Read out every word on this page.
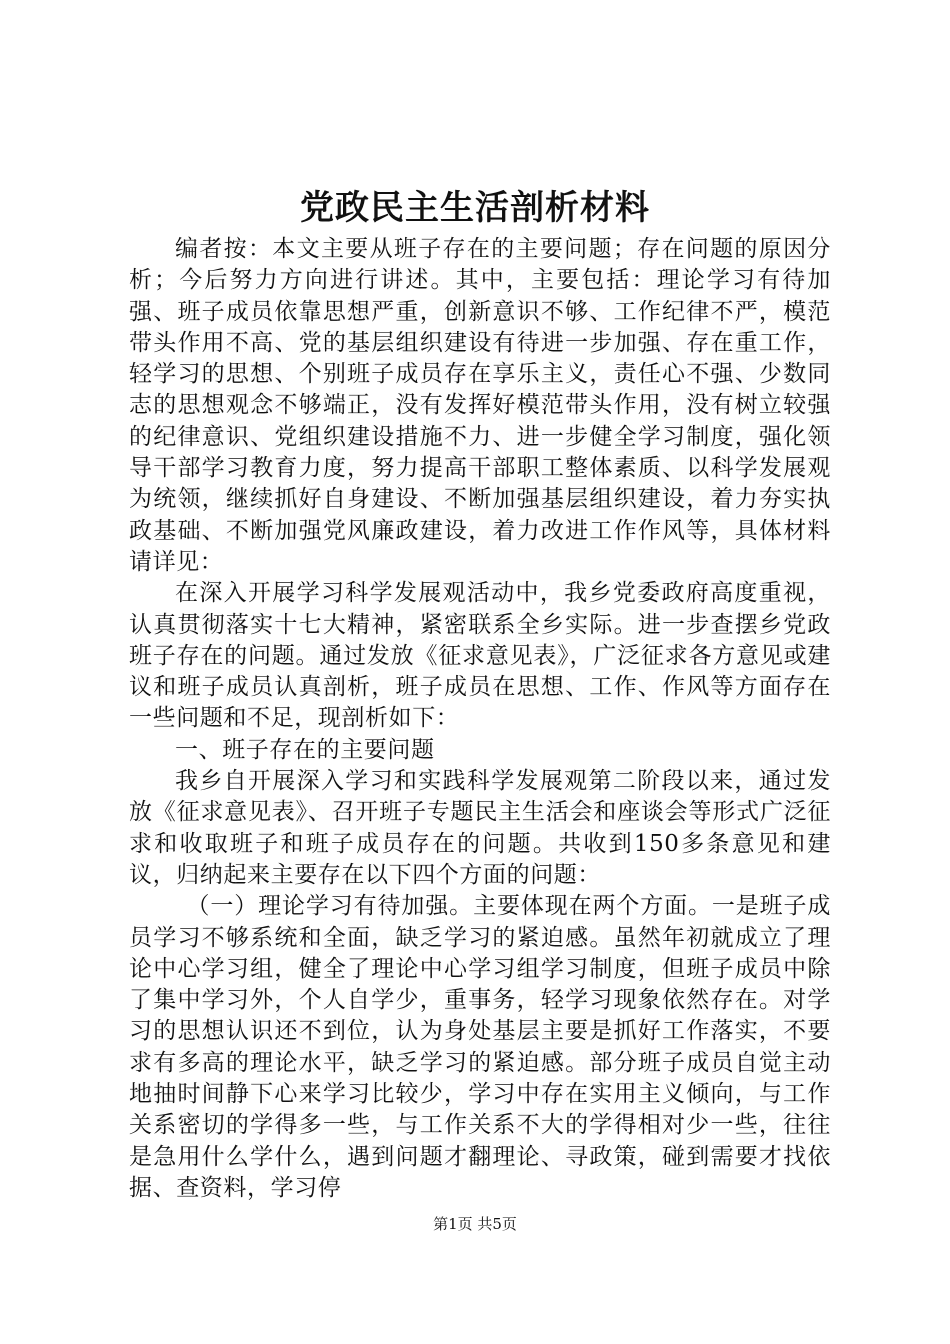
党政民主生活剖析材料

编者按：本文主要从班子存在的主要问题；存在问题的原因分析；今后努力方向进行讲述。其中，主要包括：理论学习有待加强、班子成员依靠思想严重，创新意识不够、工作纪律不严，模范带头作用不高、党的基层组织建设有待进一步加强、存在重工作，轻学习的思想、个别班子成员存在享乐主义，责任心不强、少数同志的思想观念不够端正，没有发挥好模范带头作用，没有树立较强的纪律意识、党组织建设措施不力、进一步健全学习制度，强化领导干部学习教育力度，努力提高干部职工整体素质、以科学发展观为统领，继续抓好自身建设、不断加强基层组织建设，着力夯实执政基础、不断加强党风廉政建设，着力改进工作作风等，具体材料请详见：

在深入开展学习科学发展观活动中，我乡党委政府高度重视，认真贯彻落实十七大精神，紧密联系全乡实际。进一步查摆乡党政班子存在的问题。通过发放《征求意见表》，广泛征求各方意见或建议和班子成员认真剖析，班子成员在思想、工作、作风等方面存在一些问题和不足，现剖析如下：

一、班子存在的主要问题

我乡自开展深入学习和实践科学发展观第二阶段以来，通过发放《征求意见表》、召开班子专题民主生活会和座谈会等形式广泛征求和收取班子和班子成员存在的问题。共收到150多条意见和建议，归纳起来主要存在以下四个方面的问题：

（一）理论学习有待加强。主要体现在两个方面。一是班子成员学习不够系统和全面，缺乏学习的紧迫感。虽然年初就成立了理论中心学习组，健全了理论中心学习组学习制度，但班子成员中除了集中学习外，个人自学少，重事务，轻学习现象依然存在。对学习的思想认识还不到位，认为身处基层主要是抓好工作落实，不要求有多高的理论水平，缺乏学习的紧迫感。部分班子成员自觉主动地抽时间静下心来学习比较少，学习中存在实用主义倾向，与工作关系密切的学得多一些，与工作关系不大的学得相对少一些，往往是急用什么学什么，遇到问题才翻理论、寻政策，碰到需要才找依据、查资料，学习停

第1页 共5页
